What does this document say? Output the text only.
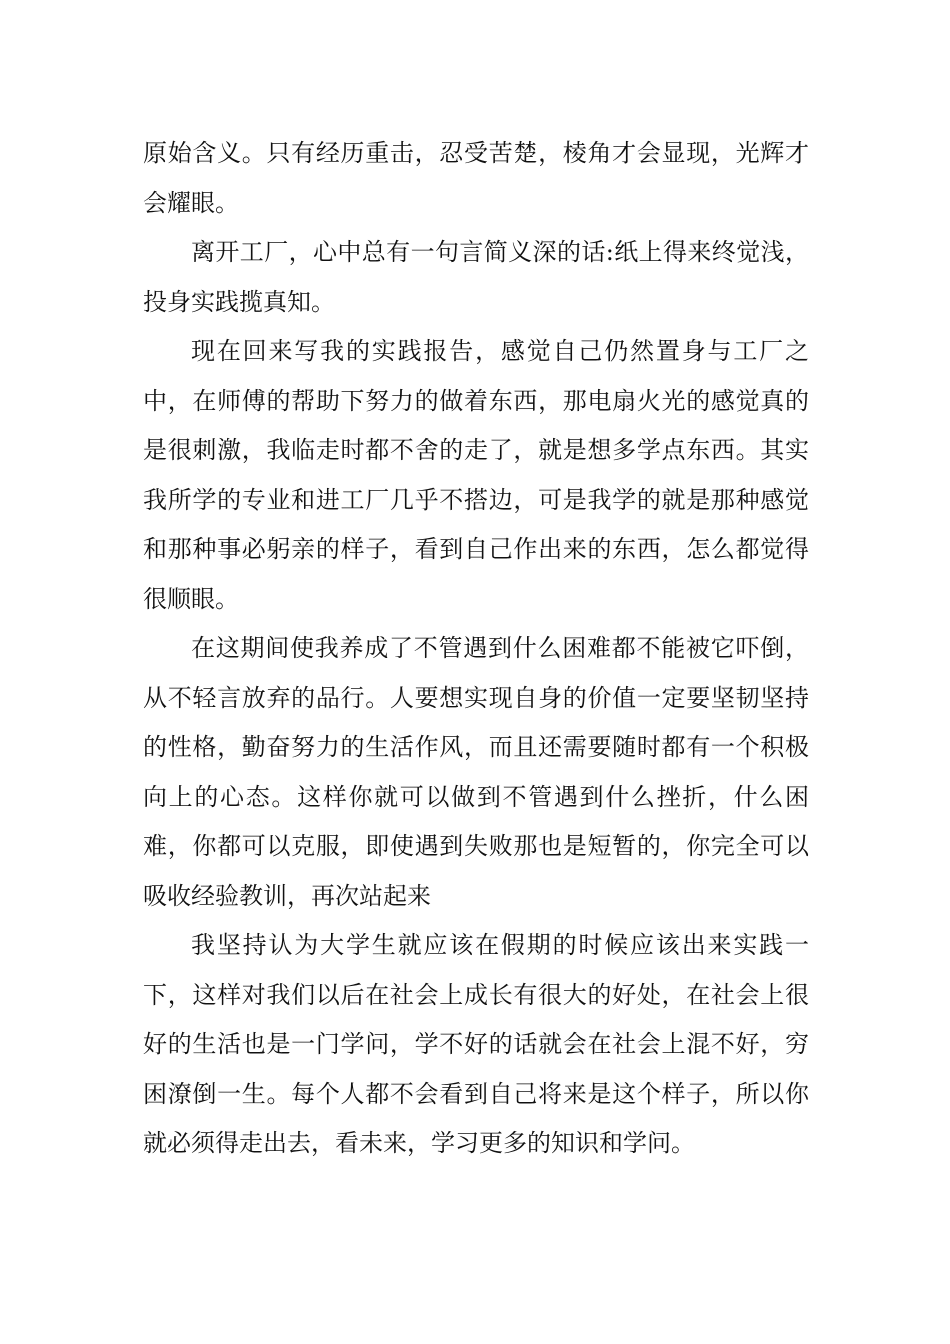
原始含义。只有经历重击，忍受苦楚，棱角才会显现，光辉才会耀眼。

离开工厂，心中总有一句言简义深的话:纸上得来终觉浅，投身实践揽真知。

现在回来写我的实践报告，感觉自己仍然置身与工厂之中，在师傅的帮助下努力的做着东西，那电扇火光的感觉真的是很刺激，我临走时都不舍的走了，就是想多学点东西。其实我所学的专业和进工厂几乎不搭边，可是我学的就是那种感觉和那种事必躬亲的样子，看到自己作出来的东西，怎么都觉得很顺眼。

在这期间使我养成了不管遇到什么困难都不能被它吓倒，从不轻言放弃的品行。人要想实现自身的价值一定要坚韧坚持的性格，勤奋努力的生活作风，而且还需要随时都有一个积极向上的心态。这样你就可以做到不管遇到什么挫折，什么困难，你都可以克服，即使遇到失败那也是短暂的，你完全可以吸收经验教训，再次站起来

我坚持认为大学生就应该在假期的时候应该出来实践一下，这样对我们以后在社会上成长有很大的好处，在社会上很好的生活也是一门学问，学不好的话就会在社会上混不好，穷困潦倒一生。每个人都不会看到自己将来是这个样子，所以你就必须得走出去，看未来，学习更多的知识和学问。
